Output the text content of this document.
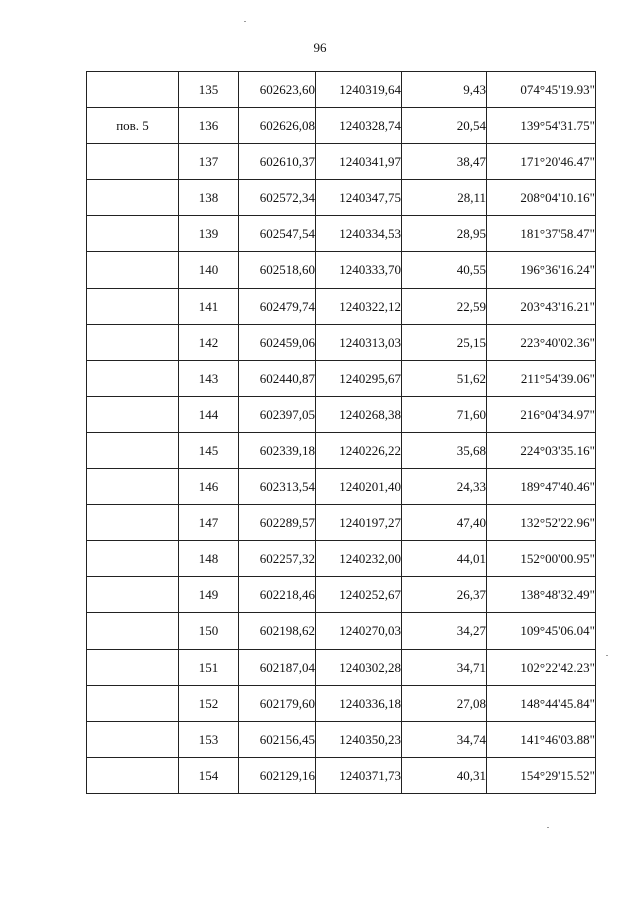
96
	135	602623,60	1240319,64	9,43	074°45'19.93"
пов. 5	136	602626,08	1240328,74	20,54	139°54'31.75"
	137	602610,37	1240341,97	38,47	171°20'46.47"
	138	602572,34	1240347,75	28,11	208°04'10.16"
	139	602547,54	1240334,53	28,95	181°37'58.47"
	140	602518,60	1240333,70	40,55	196°36'16.24"
	141	602479,74	1240322,12	22,59	203°43'16.21"
	142	602459,06	1240313,03	25,15	223°40'02.36"
	143	602440,87	1240295,67	51,62	211°54'39.06"
	144	602397,05	1240268,38	71,60	216°04'34.97"
	145	602339,18	1240226,22	35,68	224°03'35.16"
	146	602313,54	1240201,40	24,33	189°47'40.46"
	147	602289,57	1240197,27	47,40	132°52'22.96"
	148	602257,32	1240232,00	44,01	152°00'00.95"
	149	602218,46	1240252,67	26,37	138°48'32.49"
	150	602198,62	1240270,03	34,27	109°45'06.04"
	151	602187,04	1240302,28	34,71	102°22'42.23"
	152	602179,60	1240336,18	27,08	148°44'45.84"
	153	602156,45	1240350,23	34,74	141°46'03.88"
	154	602129,16	1240371,73	40,31	154°29'15.52"
